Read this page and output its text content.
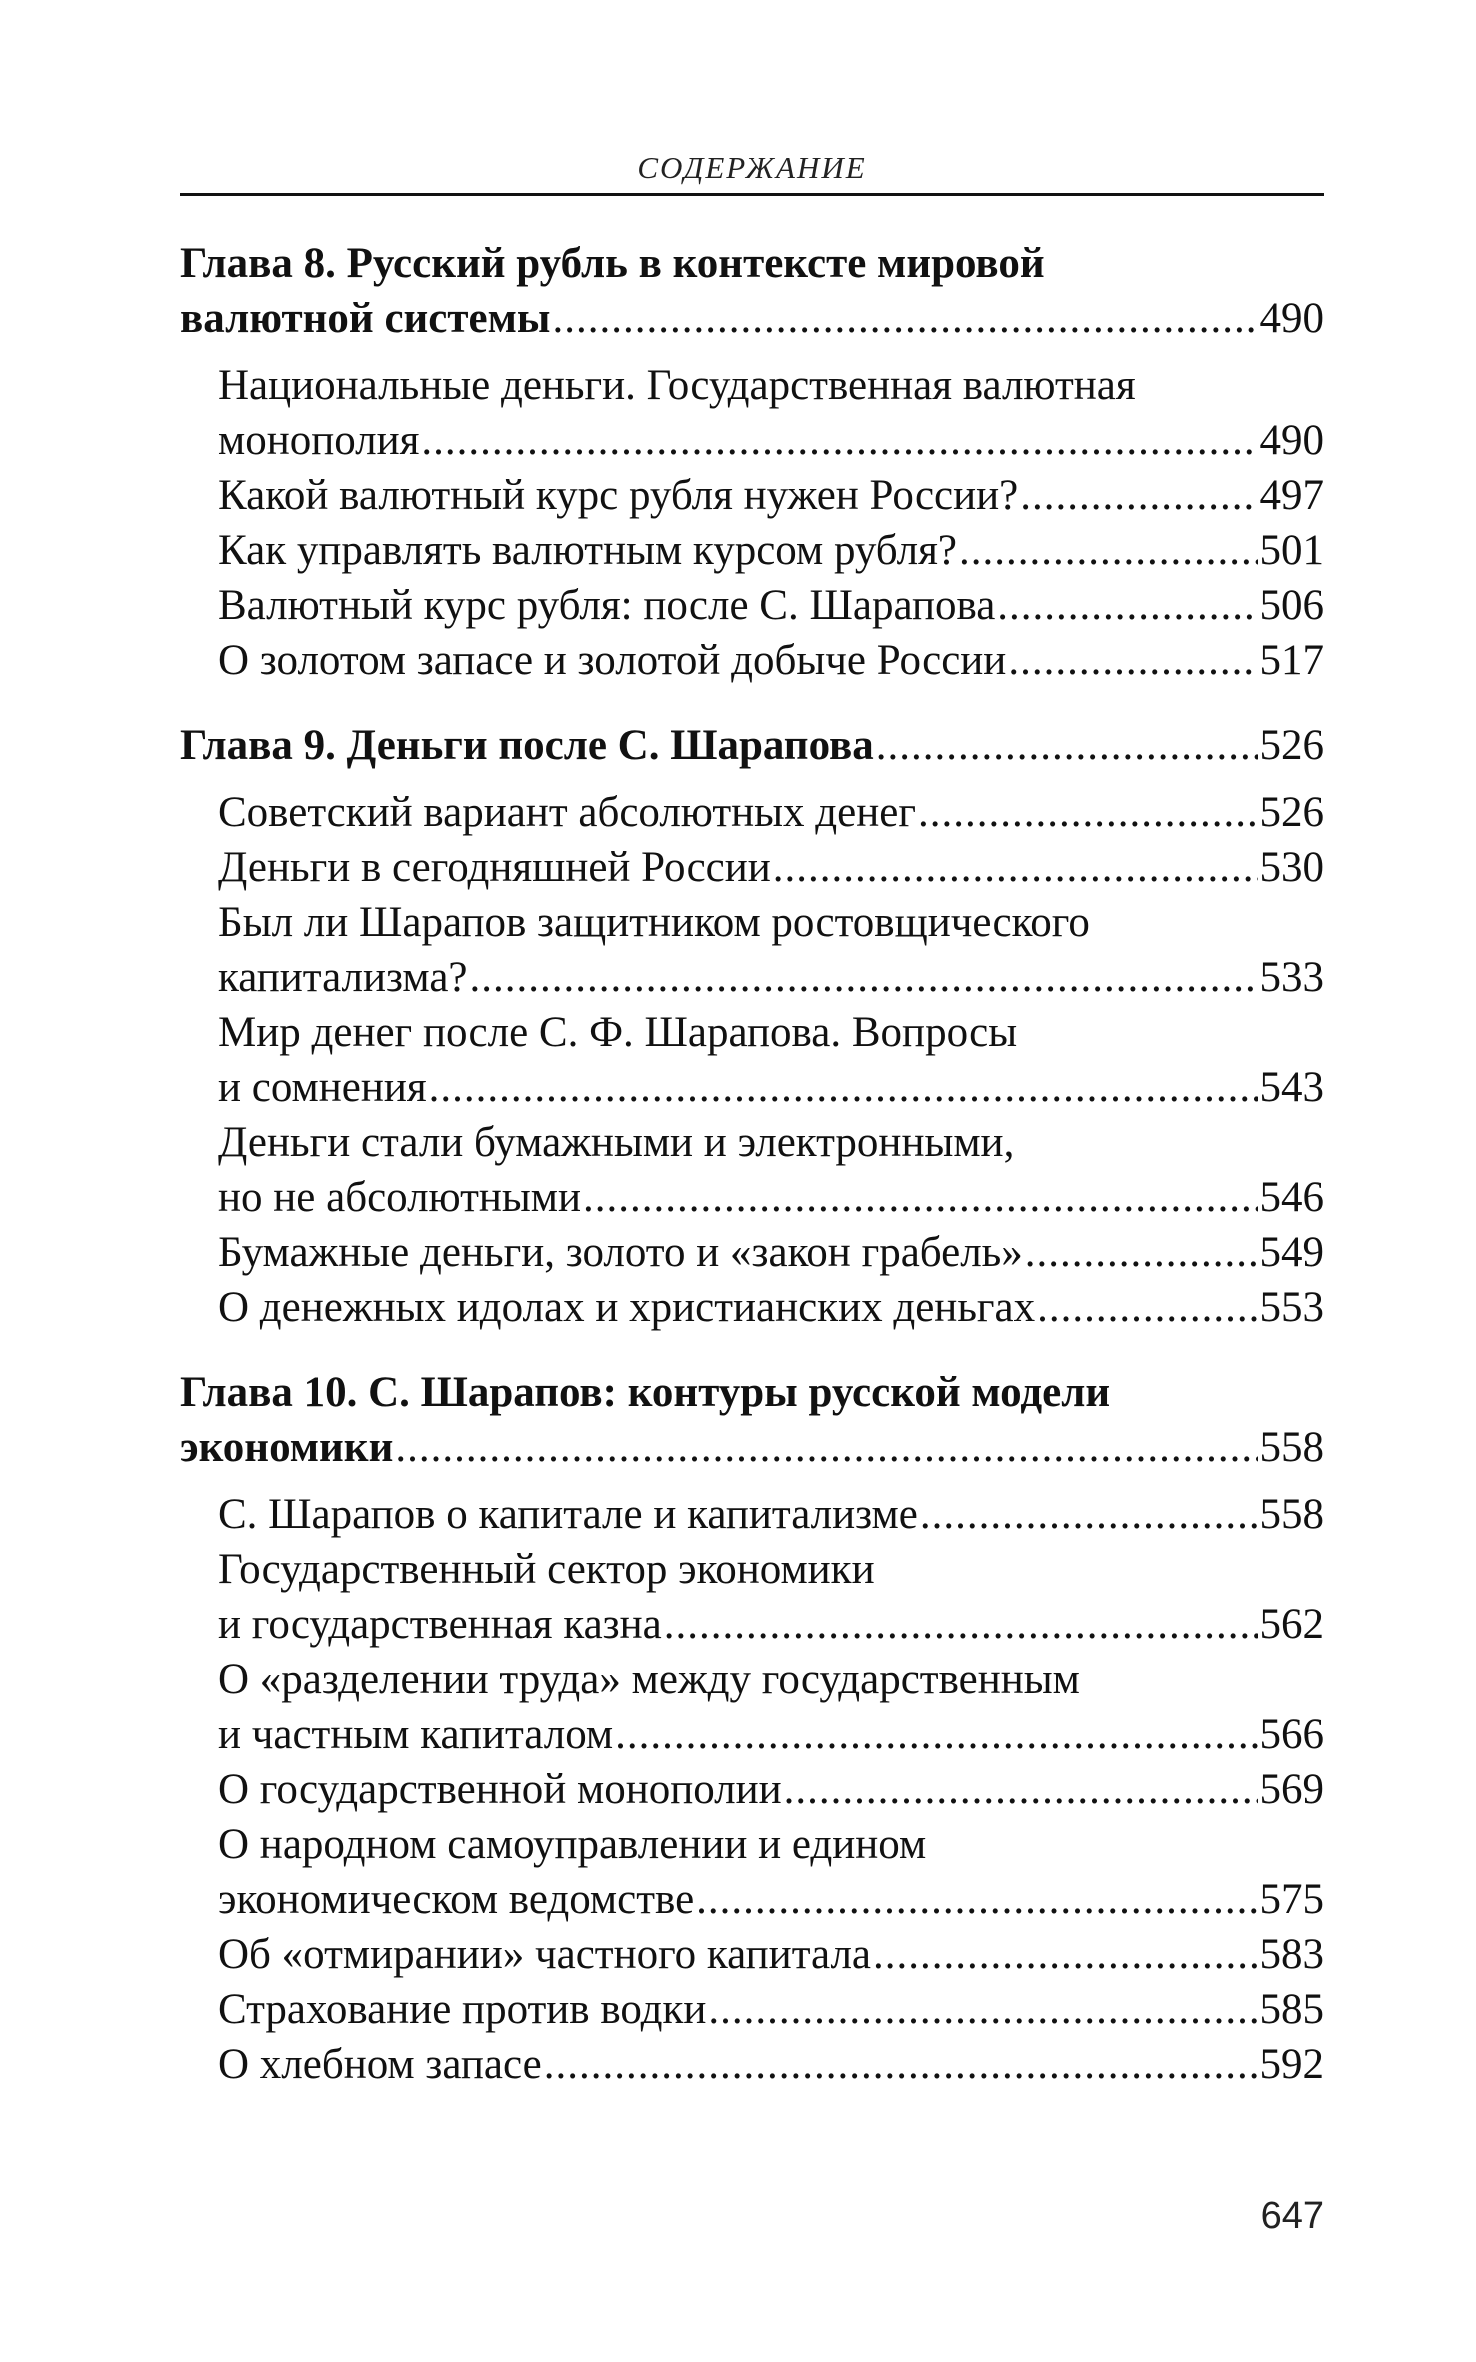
СОДЕРЖАНИЕ
Глава 8. Русский рубль в контексте мировой
валютной системы .....	490
Национальные деньги. Государственная валютная
монополия .....	490
Какой валютный курс рубля нужен России? .....	497
Как управлять валютным курсом рубля? .....	501
Валютный курс рубля: после С. Шарапова .....	506
О золотом запасе и золотой добыче России .....	517
Глава 9. Деньги после С. Шарапова .....	526
Советский вариант абсолютных денег .....	526
Деньги в сегодняшней России .....	530
Был ли Шарапов защитником ростовщического
капитализма? .....	533
Мир денег после С. Ф. Шарапова. Вопросы
и сомнения .....	543
Деньги стали бумажными и электронными,
но не абсолютными .....	546
Бумажные деньги, золото и «закон грабель» .....	549
О денежных идолах и христианских деньгах .....	553
Глава 10. С. Шарапов: контуры русской модели
экономики .....	558
С. Шарапов о капитале и капитализме .....	558
Государственный сектор экономики
и государственная казна .....	562
О «разделении труда» между государственным
и частным капиталом .....	566
О государственной монополии .....	569
О народном самоуправлении и едином
экономическом ведомстве .....	575
Об «отмирании» частного капитала .....	583
Страхование против водки .....	585
О хлебном запасе .....	592
647
